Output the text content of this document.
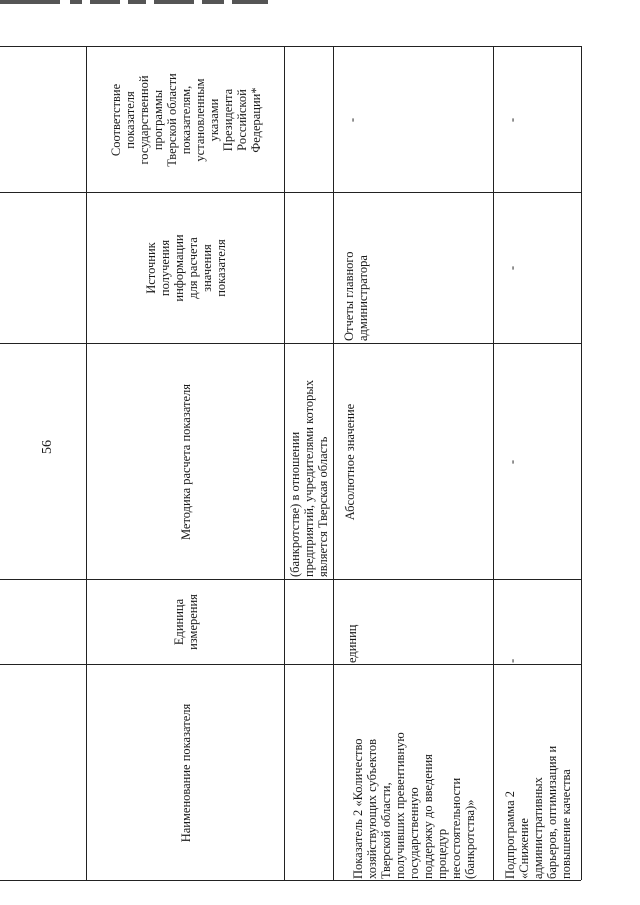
56
Наименование показателя
Единица
измерения
Методика расчета показателя
Источник
получения
информации
для расчета
значения
показателя
Соответствие
показателя
государственной
программы
Тверской области
показателям,
установленным
указами
Президента
Российской
Федерации*
(банкротстве) в отношении
предприятий, учредителями которых
является Тверская область
Показатель 2 «Количество
хозяйствующих субъектов
Тверской области,
получивших превентивную
государственную
поддержку до введения
процедур
несостоятельности
(банкротства)»
единиц
Абсолютное значение
Отчеты главного
администратора
-
Подпрограмма 2
«Снижение
административных
барьеров, оптимизация и
повышение качества
-
-
-
-
